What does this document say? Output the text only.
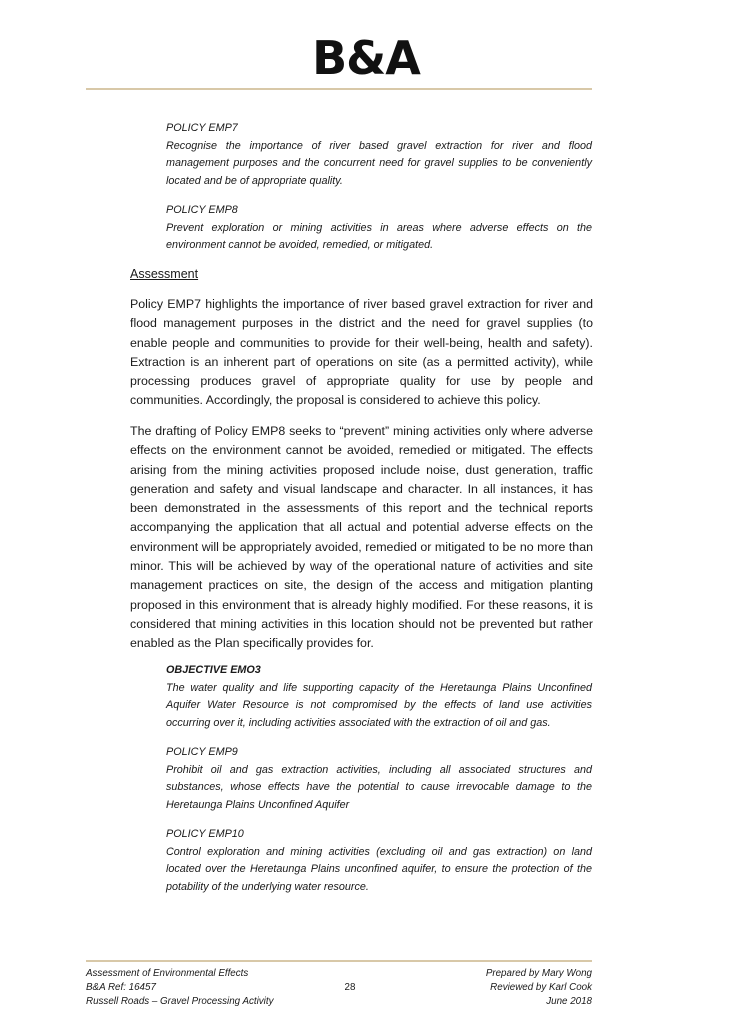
B&A
POLICY EMP7
Recognise the importance of river based gravel extraction for river and flood management purposes and the concurrent need for gravel supplies to be conveniently located and be of appropriate quality.
POLICY EMP8
Prevent exploration or mining activities in areas where adverse effects on the environment cannot be avoided, remedied, or mitigated.
Assessment
Policy EMP7 highlights the importance of river based gravel extraction for river and flood management purposes in the district and the need for gravel supplies (to enable people and communities to provide for their well-being, health and safety). Extraction is an inherent part of operations on site (as a permitted activity), while processing produces gravel of appropriate quality for use by people and communities. Accordingly, the proposal is considered to achieve this policy.
The drafting of Policy EMP8 seeks to “prevent” mining activities only where adverse effects on the environment cannot be avoided, remedied or mitigated. The effects arising from the mining activities proposed include noise, dust generation, traffic generation and safety and visual landscape and character. In all instances, it has been demonstrated in the assessments of this report and the technical reports accompanying the application that all actual and potential adverse effects on the environment will be appropriately avoided, remedied or mitigated to be no more than minor. This will be achieved by way of the operational nature of activities and site management practices on site, the design of the access and mitigation planting proposed in this environment that is already highly modified. For these reasons, it is considered that mining activities in this location should not be prevented but rather enabled as the Plan specifically provides for.
OBJECTIVE EMO3
The water quality and life supporting capacity of the Heretaunga Plains Unconfined Aquifer Water Resource is not compromised by the effects of land use activities occurring over it, including activities associated with the extraction of oil and gas.
POLICY EMP9
Prohibit oil and gas extraction activities, including all associated structures and substances, whose effects have the potential to cause irrevocable damage to the Heretaunga Plains Unconfined Aquifer
POLICY EMP10
Control exploration and mining activities (excluding oil and gas extraction) on land located over the Heretaunga Plains unconfined aquifer, to ensure the protection of the potability of the underlying water resource.
Assessment of Environmental Effects
B&A Ref: 16457
Russell Roads – Gravel Processing Activity
28
Prepared by Mary Wong
Reviewed by Karl Cook
June 2018
